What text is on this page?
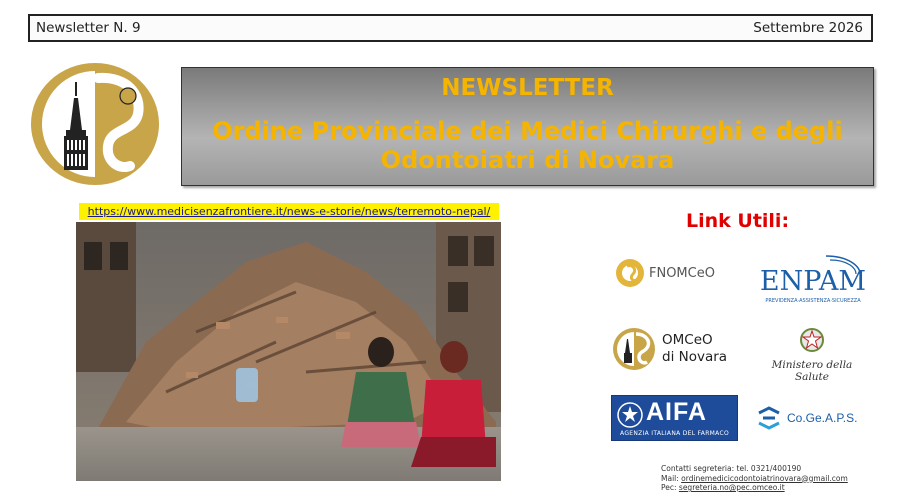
Newsletter N. 9	Settembre 2026
NEWSLETTER
Ordine Provinciale dei Medici Chirurghi e degli Odontoiatri di Novara
https://www.medicisenzafrontiere.it/news-e-storie/news/terremoto-nepal/	Link Utili:
FNOMCeO ENPAM
PREVIDENZA·ASSISTENZA·SICUREZZA
OMCeO
di Novara	Ministero della Salute
AIFA
AGENZIA ITALIANA DEL FARMACO
Co.Ge.A.P.S.
Contatti segreteria: tel. 0321/400190
Mail: ordinemedicicodontoiatrinovara@gmail.com
Pec: segreteria.no@pec.omceo.it
